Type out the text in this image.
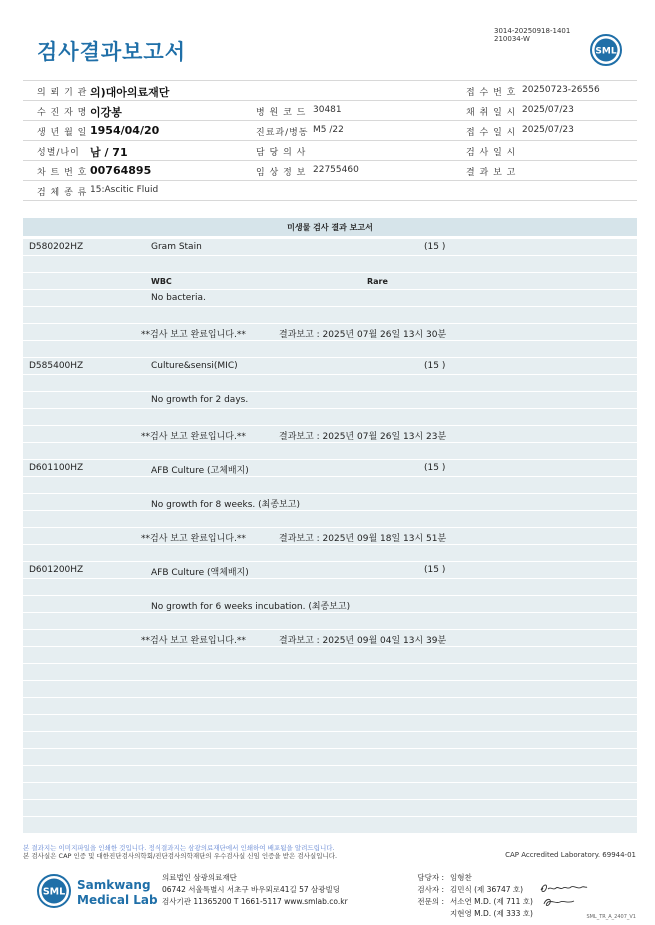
검사결과보고서
3014-20250918-1401
210034-W
SML
의 뢰 기 관 의)대아의료재단	접 수 번 호 20250723-26556
수 진 자 명 이강봉	병 원 코 드 30481	채 취 일 시 2025/07/23
생 년 월 일 1954/04/20	진료과/병동 M5 /22	접 수 일 시 2025/07/23
성별/나이 남 / 71	담 당 의 사	검 사 일 시
차 트 번 호 00764895	임 상 정 보 22755460	결 과 보 고
검 체 종 류 15:Ascitic Fluid
미생물 검사 결과 보고서
D580202HZ	Gram Stain	(15 )
WBC	Rare
No bacteria.
**검사 보고 완료입니다.**	결과보고 : 2025년 07월 26일 13시 30분
D585400HZ	Culture&sensi(MIC)	(15 )
No growth for 2 days.
**검사 보고 완료입니다.**	결과보고 : 2025년 07월 26일 13시 23분
D601100HZ	AFB Culture (고체배지)	(15 )
No growth for 8 weeks. (최종보고)
**검사 보고 완료입니다.**	결과보고 : 2025년 09월 18일 13시 51분
D601200HZ	AFB Culture (액체배지)	(15 )
No growth for 6 weeks incubation. (최종보고)
**검사 보고 완료입니다.**	결과보고 : 2025년 09월 04일 13시 39분
본 결과지는 이미지파일을 인쇄한 것입니다. 정식결과지는 삼광의료재단에서 인쇄하여 배포됨을 알려드립니다.
본 검사실은 CAP 인증 및 대한진단검사의학회/진단검사의학재단의 우수검사실 신임 인증을 받은 검사실입니다.	CAP Accredited Laboratory. 69944-01
SML Samkwang
Medical Lab
의료법인 삼광의료재단
06742 서울특별시 서초구 바우뫼로41길 57 삼광빌딩
검사기관 11365200 T 1661-5117 www.smlab.co.kr
담당자 : 임형찬
검사자 : 김민식 (제 36747 호)
전문의 : 서소연 M.D. (제 711 호)
지현영 M.D. (제 333 호)	SML_TR_A_2407_V1
